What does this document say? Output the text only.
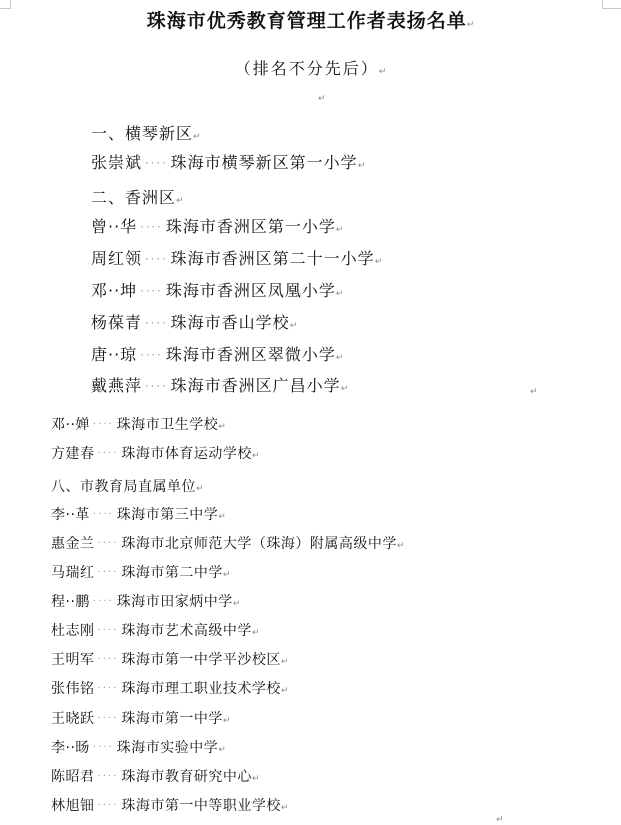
珠海市优秀教育管理工作者表扬名单↵
（排名不分先后）↵
↵
一、横琴新区↵
张崇斌 ···· 珠海市横琴新区第一小学↵
二、香洲区↵
曾··华 ···· 珠海市香洲区第一小学↵
周红领 ···· 珠海市香洲区第二十一小学↵
邓··坤 ···· 珠海市香洲区凤凰小学↵
杨葆青 ···· 珠海市香山学校↵
唐··琼 ···· 珠海市香洲区翠微小学↵
戴燕萍 ···· 珠海市香洲区广昌小学↵
邓··婵 ···· 珠海市卫生学校↵
方建春 ···· 珠海市体育运动学校↵
八、市教育局直属单位↵
李··革 ···· 珠海市第三中学↵
惠金兰 ···· 珠海市北京师范大学（珠海）附属高级中学↵
马瑞红 ···· 珠海市第二中学↵
程··鹏 ···· 珠海市田家炳中学↵
杜志刚 ···· 珠海市艺术高级中学↵
王明军 ···· 珠海市第一中学平沙校区↵
张伟铭 ···· 珠海市理工职业技术学校↵
王晓跃 ···· 珠海市第一中学↵
李··旸 ···· 珠海市实验中学↵
陈昭君 ···· 珠海市教育研究中心↵
林旭钿 ···· 珠海市第一中等职业学校↵
↵
↵
